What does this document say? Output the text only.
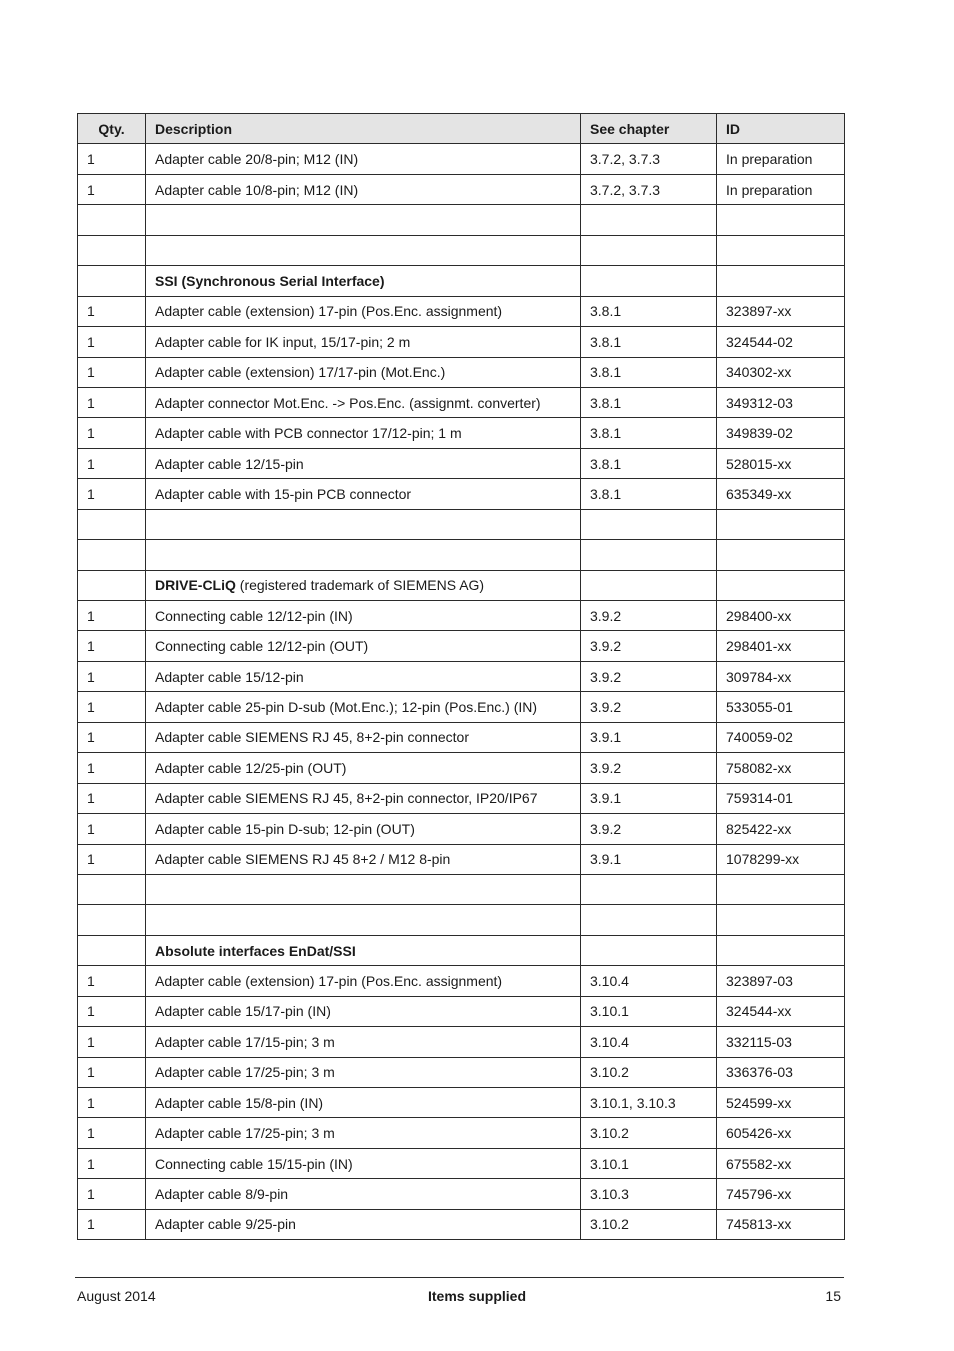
Qty.	Description	See chapter	ID
1	Adapter cable 20/8-pin; M12 (IN)	3.7.2, 3.7.3	In preparation
1	Adapter cable 10/8-pin; M12 (IN)	3.7.2, 3.7.3	In preparation

	SSI (Synchronous Serial Interface)		
1	Adapter cable (extension) 17-pin (Pos.Enc. assignment)	3.8.1	323897-xx
1	Adapter cable for IK input, 15/17-pin; 2 m	3.8.1	324544-02
1	Adapter cable (extension) 17/17-pin (Mot.Enc.)	3.8.1	340302-xx
1	Adapter connector Mot.Enc. -> Pos.Enc. (assignmt. converter)	3.8.1	349312-03
1	Adapter cable with PCB connector 17/12-pin; 1 m	3.8.1	349839-02
1	Adapter cable 12/15-pin	3.8.1	528015-xx
1	Adapter cable with 15-pin PCB connector	3.8.1	635349-xx

	DRIVE-CLiQ (registered trademark of SIEMENS AG)		
1	Connecting cable 12/12-pin (IN)	3.9.2	298400-xx
1	Connecting cable 12/12-pin (OUT)	3.9.2	298401-xx
1	Adapter cable 15/12-pin	3.9.2	309784-xx
1	Adapter cable 25-pin D-sub (Mot.Enc.); 12-pin (Pos.Enc.) (IN)	3.9.2	533055-01
1	Adapter cable SIEMENS RJ 45, 8+2-pin connector	3.9.1	740059-02
1	Adapter cable 12/25-pin (OUT)	3.9.2	758082-xx
1	Adapter cable SIEMENS RJ 45, 8+2-pin connector, IP20/IP67	3.9.1	759314-01
1	Adapter cable 15-pin D-sub; 12-pin (OUT)	3.9.2	825422-xx
1	Adapter cable SIEMENS RJ 45 8+2 / M12 8-pin	3.9.1	1078299-xx

	Absolute interfaces EnDat/SSI		
1	Adapter cable (extension) 17-pin (Pos.Enc. assignment)	3.10.4	323897-03
1	Adapter cable 15/17-pin (IN)	3.10.1	324544-xx
1	Adapter cable 17/15-pin; 3 m	3.10.4	332115-03
1	Adapter cable 17/25-pin; 3 m	3.10.2	336376-03
1	Adapter cable 15/8-pin (IN)	3.10.1, 3.10.3	524599-xx
1	Adapter cable 17/25-pin; 3 m	3.10.2	605426-xx
1	Connecting cable 15/15-pin (IN)	3.10.1	675582-xx
1	Adapter cable 8/9-pin	3.10.3	745796-xx
1	Adapter cable 9/25-pin	3.10.2	745813-xx
August 2014	Items supplied	15
